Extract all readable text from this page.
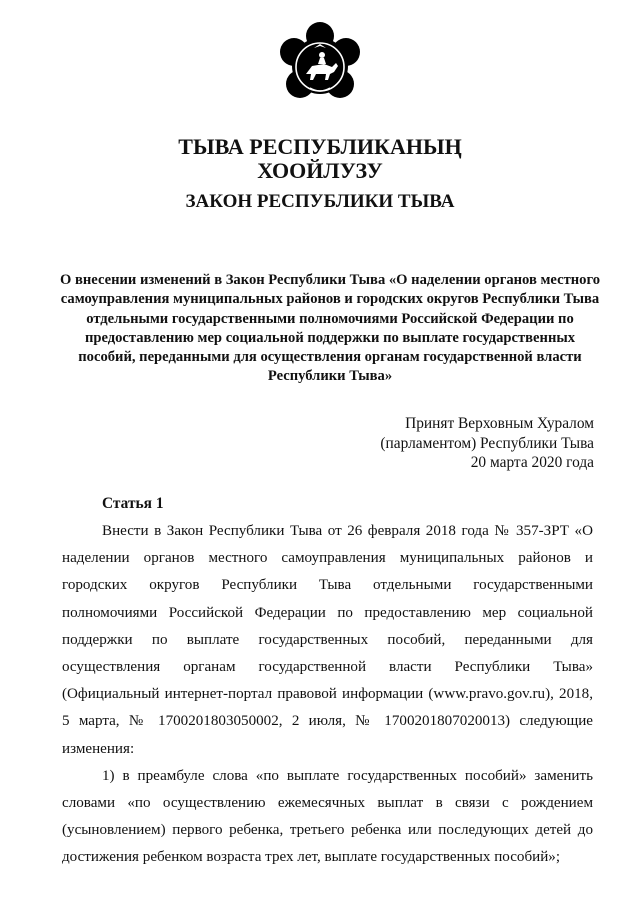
ТЫВА РЕСПУБЛИКАНЫҢ
ХООЙЛУЗУ
ЗАКОН РЕСПУБЛИКИ ТЫВА
О внесении изменений в Закон Республики Тыва «О наделении органов местного самоуправления муниципальных районов и городских округов Республики Тыва отдельными государственными полномочиями Российской Федерации по предоставлению мер социальной поддержки по выплате государственных пособий, переданными для осуществления органам государственной власти Республики Тыва»
Принят Верховным Хуралом
(парламентом) Республики Тыва
20 марта 2020 года
Статья 1

Внести в Закон Республики Тыва от 26 февраля 2018 года № 357-ЗРТ «О наделении органов местного самоуправления муниципальных районов и городских округов Республики Тыва отдельными государственными полномочиями Российской Федерации по предоставлению мер социальной поддержки по выплате государственных пособий, переданными для осуществления органам государственной власти Республики Тыва» (Официальный интернет-портал правовой информации (www.pravo.gov.ru), 2018, 5 марта, № 1700201803050002, 2 июля, № 1700201807020013) следующие изменения:

1) в преамбуле слова «по выплате государственных пособий» заменить словами «по осуществлению ежемесячных выплат в связи с рождением (усыновлением) первого ребенка, третьего ребенка или последующих детей до достижения ребенком возраста трех лет, выплате государственных пособий»;
